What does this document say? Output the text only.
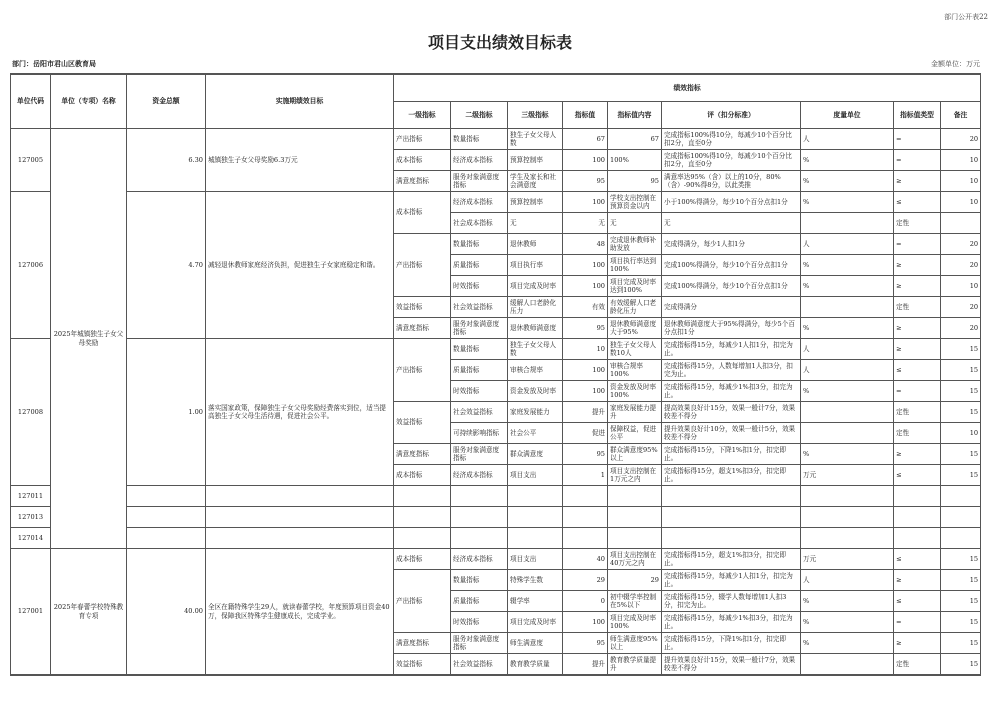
部门公开表22
项目支出绩效目标表
部门：岳阳市君山区教育局	金额单位：万元
单位代码	单位（专项）名称	资金总额	实施期绩效目标	绩效指标								
				一级指标	二级指标	三级指标	指标值	指标值内容	评（扣分标准）	度量单位	指标值类型	备注
127005	2025年城镇独生子女父母奖励	6.30	城镇独生子女父母奖励6.3万元	产出指标	数量指标	独生子女父母人数	67	67	完成指标100%得10分，每减少10个百分比扣2分，直至0分	人	=	20
				成本指标	经济成本指标	预算控制率	100	100%	完成指标100%得10分，每减少10个百分比扣2分，直至0分	%	=	10
				满意度指标	服务对象满意度指标	学生及家长和社会满意度	95	95	满意率达95%（含）以上的10分，80%（含）-90%得8分，以此类推	%	≥	10
127006		4.70	减轻退休教师家庭经济负担，促进独生子女家庭稳定和谐。	成本指标	经济成本指标	预算控制率	100	学校支出控制在预算资金以内	小于100%得满分，每少10个百分点扣1分	%	≤	10
					社会成本指标	无	无	无	无		定性	
				产出指标	数量指标	退休教师	48	完成退休教师补助发放	完成得满分，每少1人扣1分	人	=	20
					质量指标	项目执行率	100	项目执行率达到100%	完成100%得满分，每少10个百分点扣1分	%	≥	20
					时效指标	项目完成及时率	100	项目完成及时率达到100%	完成100%得满分，每少10个百分点扣1分	%	≥	10
				效益指标	社会效益指标	缓解人口老龄化压力	有效	有效缓解人口老龄化压力	完成得满分		定性	20
				满意度指标	服务对象满意度指标	退休教师满意度	95	退休教师满意度大于95%	退休教师满意度大于95%得满分，每少5个百分点扣1分	%	≥	20
127008		1.00	落实国家政策，保障独生子女父母奖励经费落实到位，适当提高独生子女父母生活待遇，促进社会公平。	产出指标	数量指标	独生子女父母人数	10	独生子女父母人数10人	完成指标得15分，每减少1人扣1分，扣完为止。	人	≥	15
					质量指标	审核合规率	100	审核合规率100%	完成指标得15分，人数每增加1人扣3分，扣完为止。	人	≤	15
					时效指标	资金发放及时率	100	资金发放及时率100%	完成指标得15分，每减少1%扣3分，扣完为止。	%	=	15
				效益指标	社会效益指标	家庭发展能力	提升	家庭发展能力提升	提高效果良好计15分，效果一般计7分，效果较差不得分		定性	15
					可持续影响指标	社会公平	促进	保障权益，促进公平	提升效果良好计10分，效果一般计5分，效果较差不得分		定性	10
				满意度指标	服务对象满意度指标	群众满意度	95	群众满意度95%以上	完成指标得15分，下降1%扣1分，扣完即止。	%	≥	15
				成本指标	经济成本指标	项目支出	1	项目支出控制在1万元之内	完成指标得15分，超支1%扣3分，扣完即止。	万元	≤	15
127011												
127013												
127014												
127001	2025年春蕾学校特殊教育专项	40.00	全区在籍特殊学生29人，就读春蕾学校，年度预算项目资金40万，保障我区特殊学生健康成长，完成学业。	成本指标	经济成本指标	项目支出	40	项目支出控制在40万元之内	完成指标得15分，超支1%扣3分，扣完即止。	万元	≤	15
				产出指标	数量指标	特殊学生数	29	29	完成指标得15分，每减少1人扣1分，扣完为止。	人	≥	15
					质量指标	辍学率	0	初中辍学率控制在5%以下	完成指标得15分，辍学人数每增加1人扣3分，扣完为止。	%	≤	15
					时效指标	项目完成及时率	100	项目完成及时率100%	完成指标得15分，每减少1%扣3分，扣完为止。	%	=	15
				满意度指标	服务对象满意度指标	师生满意度	95	师生满意度95%以上	完成指标得15分，下降1%扣1分，扣完即止。	%	≥	15
				效益指标	社会效益指标	教育教学质量	提升	教育教学质量提升	提升效果良好计15分，效果一般计7分，效果较差不得分		定性	15
